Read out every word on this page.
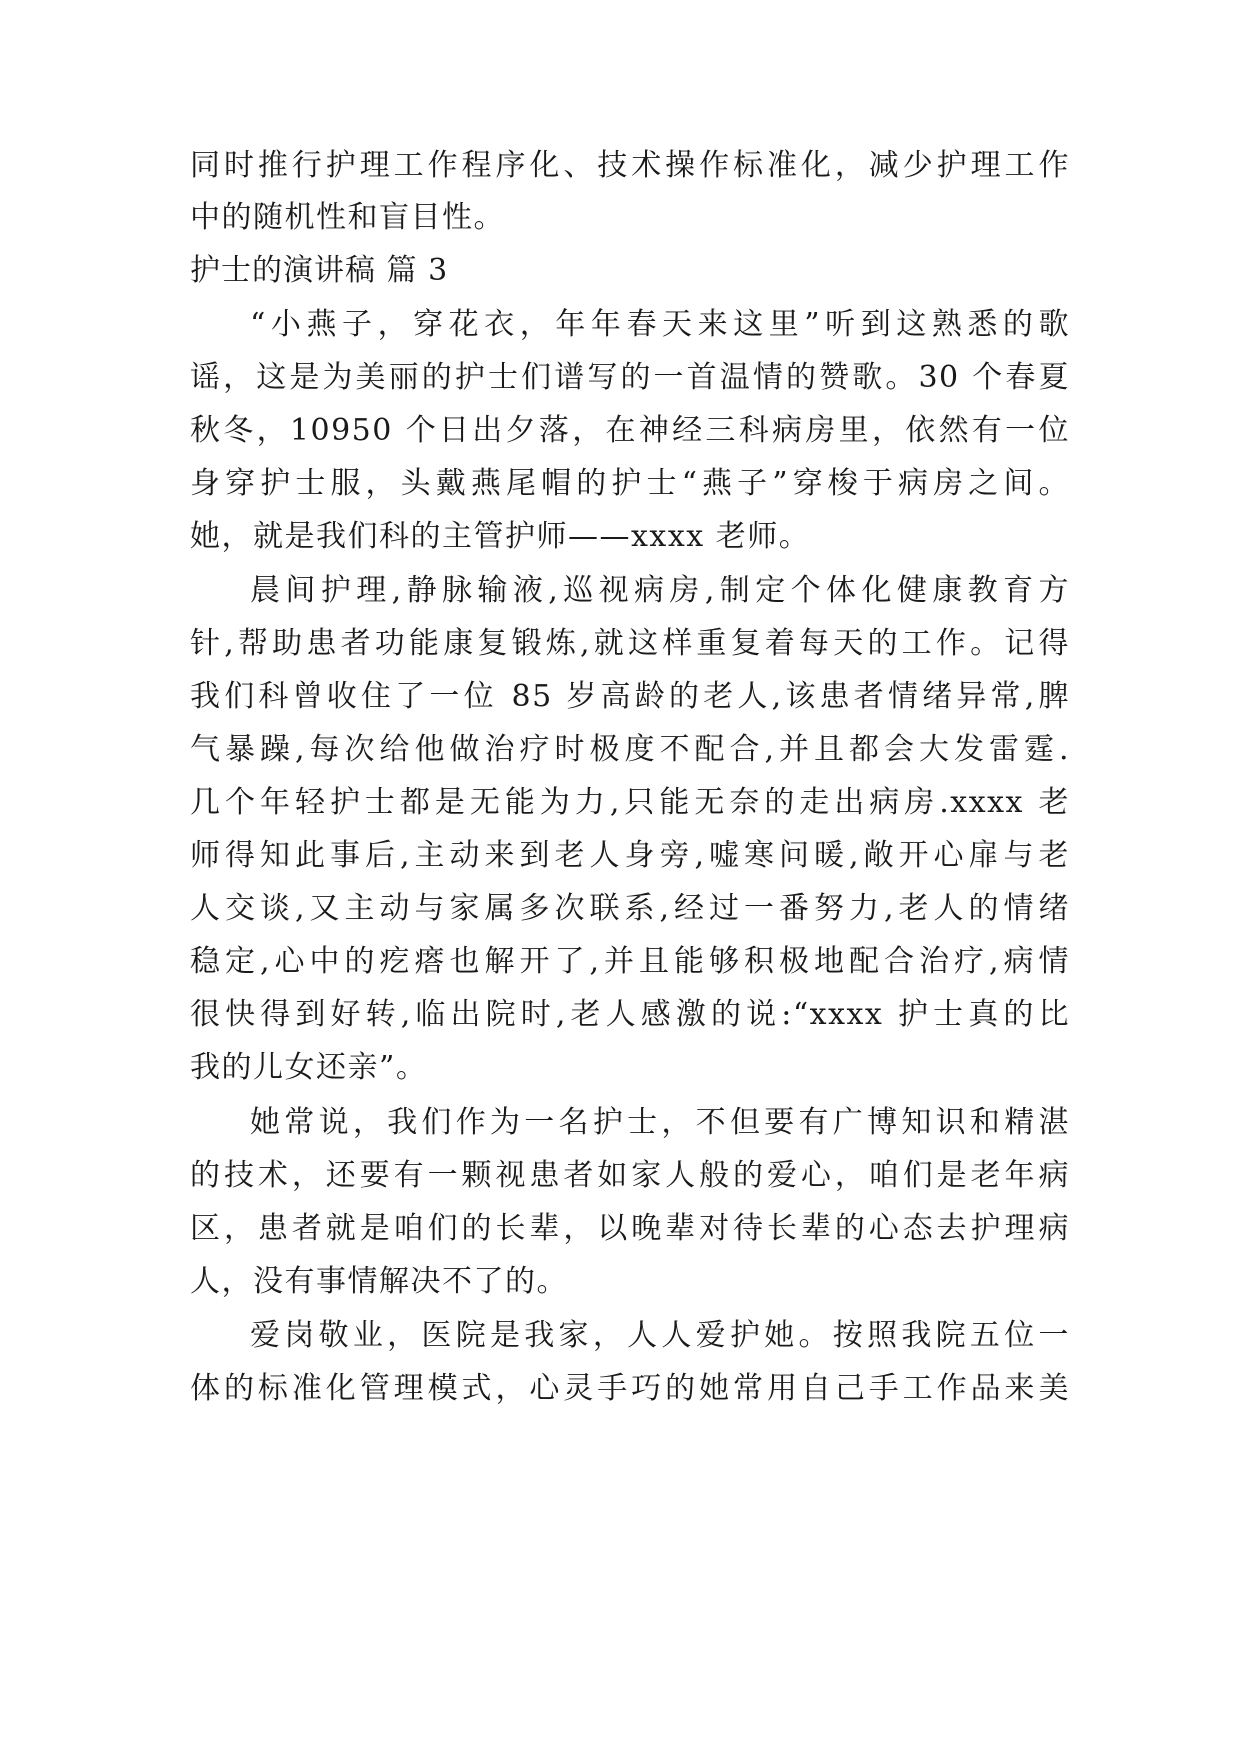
同时推行护理工作程序化、技术操作标准化，减少护理工作
中的随机性和盲目性。
护士的演讲稿 篇 3
“小燕子，穿花衣，年年春天来这里”听到这熟悉的歌
谣，这是为美丽的护士们谱写的一首温情的赞歌。30 个春夏
秋冬，10950 个日出夕落，在神经三科病房里，依然有一位
身穿护士服，头戴燕尾帽的护士“燕子”穿梭于病房之间。
她，就是我们科的主管护师——xxxx 老师。
晨间护理,静脉输液,巡视病房,制定个体化健康教育方
针,帮助患者功能康复锻炼,就这样重复着每天的工作。记得
我们科曾收住了一位 85 岁高龄的老人,该患者情绪异常,脾
气暴躁,每次给他做治疗时极度不配合,并且都会大发雷霆.
几个年轻护士都是无能为力,只能无奈的走出病房.xxxx 老
师得知此事后,主动来到老人身旁,嘘寒问暖,敞开心扉与老
人交谈,又主动与家属多次联系,经过一番努力,老人的情绪
稳定,心中的疙瘩也解开了,并且能够积极地配合治疗,病情
很快得到好转,临出院时,老人感激的说:“xxxx 护士真的比
我的儿女还亲”。
她常说，我们作为一名护士，不但要有广博知识和精湛
的技术，还要有一颗视患者如家人般的爱心，咱们是老年病
区，患者就是咱们的长辈，以晚辈对待长辈的心态去护理病
人，没有事情解决不了的。
爱岗敬业，医院是我家，人人爱护她。按照我院五位一
体的标准化管理模式，心灵手巧的她常用自己手工作品来美
